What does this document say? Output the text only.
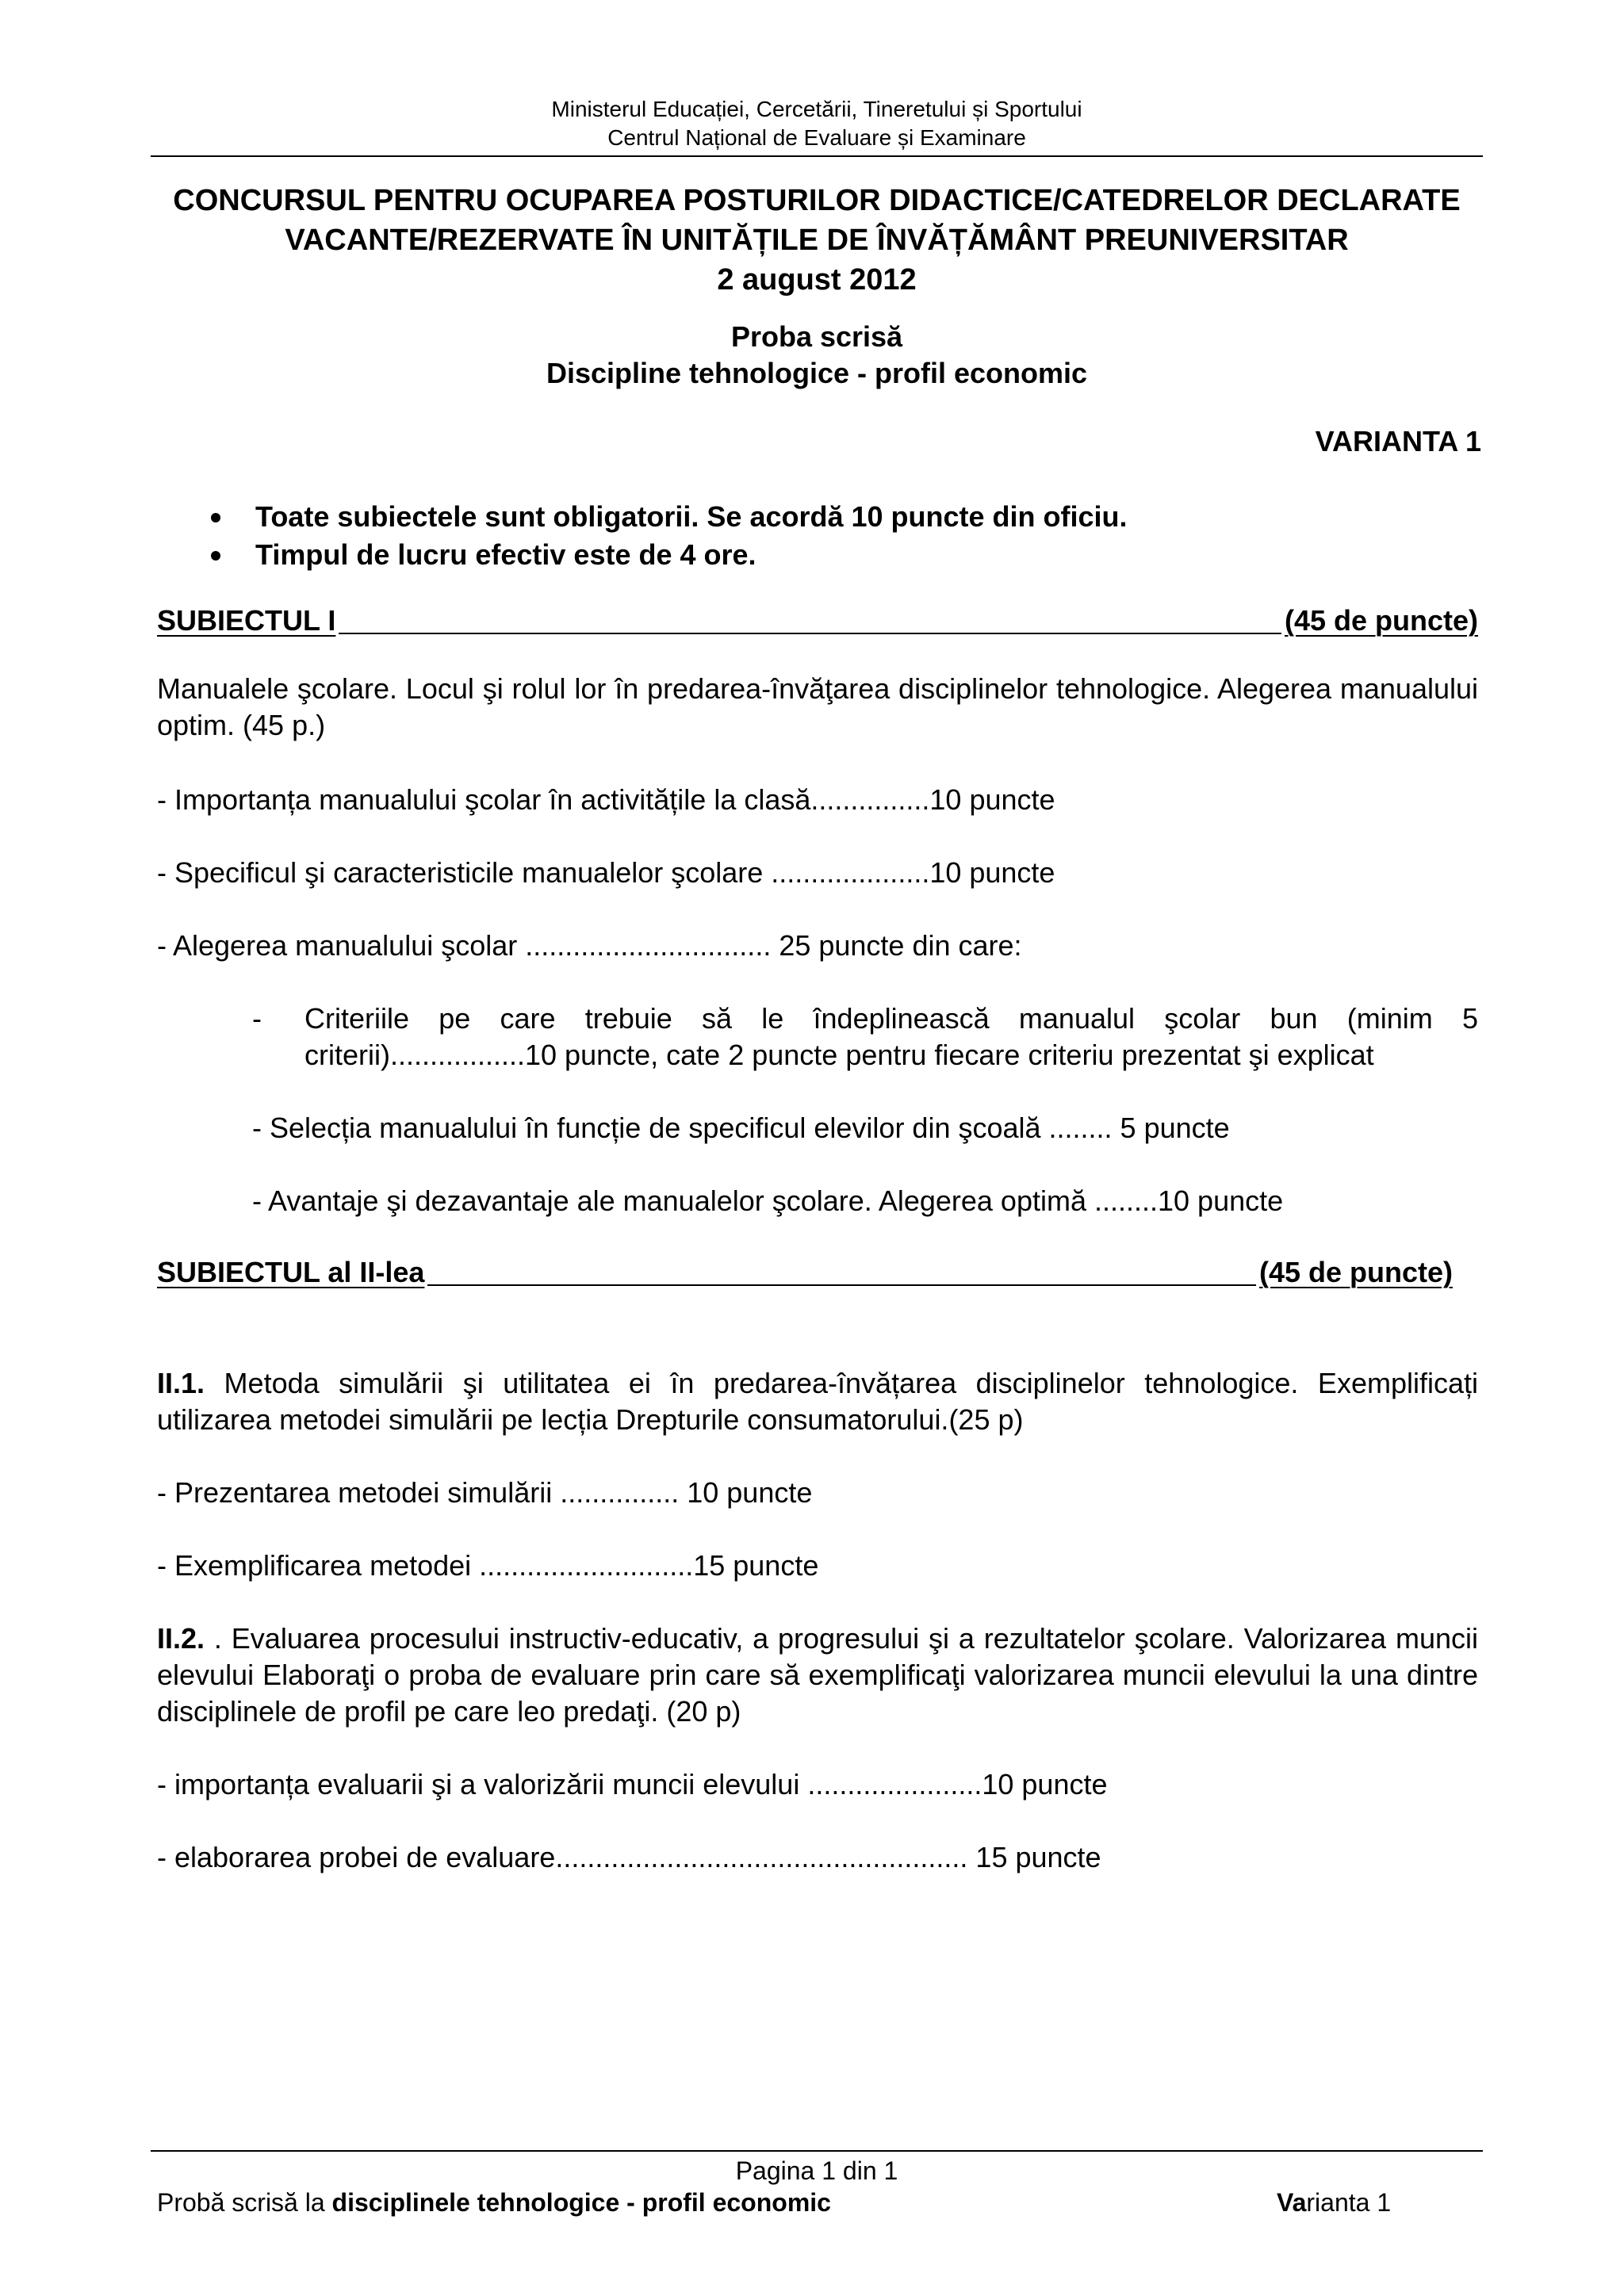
Ministerul Educației, Cercetării, Tineretului și Sportului
Centrul Național de Evaluare și Examinare
CONCURSUL PENTRU OCUPAREA POSTURILOR DIDACTICE/CATEDRELOR DECLARATE
VACANTE/REZERVATE ÎN UNITĂȚILE DE ÎNVĂȚĂMÂNT PREUNIVERSITAR
2 august 2012
Proba scrisă
Discipline tehnologice - profil economic
VARIANTA 1
Toate subiectele sunt obligatorii. Se acordă 10 puncte din oficiu.
Timpul de lucru efectiv este de 4 ore.
SUBIECTUL I	(45 de puncte)
Manualele şcolare. Locul şi rolul lor în predarea-învăţarea disciplinelor tehnologice. Alegerea manualului optim. (45 p.)
- Importanța manualului şcolar în activitățile la clasă...............10 puncte
- Specificul şi caracteristicile manualelor şcolare ....................10 puncte
- Alegerea manualului şcolar ............................... 25 puncte din care:
- Criteriile pe care trebuie să le îndeplinească manualul şcolar bun (minim 5 criterii).................10 puncte, cate 2 puncte pentru fiecare criteriu prezentat şi explicat
- Selecția manualului în funcție de specificul elevilor din şcoală ........ 5 puncte
- Avantaje şi dezavantaje ale manualelor şcolare. Alegerea optimă ........10 puncte
SUBIECTUL al II-lea	(45 de puncte)
II.1. Metoda simulării şi utilitatea ei în predarea-învățarea disciplinelor tehnologice. Exemplificați utilizarea metodei simulării pe lecția Drepturile consumatorului.(25 p)
- Prezentarea metodei simulării ............... 10 puncte
- Exemplificarea metodei ...........................15 puncte
II.2. . Evaluarea procesului instructiv-educativ, a progresului şi a rezultatelor şcolare. Valorizarea muncii elevului Elaboraţi o proba de evaluare prin care să exemplificaţi valorizarea muncii elevului la una dintre disciplinele de profil pe care leo predaţi. (20 p)
- importanța evaluarii şi a valorizării muncii elevului ......................10 puncte
- elaborarea probei de evaluare.................................................... 15 puncte
Pagina 1 din 1
Probă scrisă la disciplinele tehnologice - profil economic	Varianta 1
